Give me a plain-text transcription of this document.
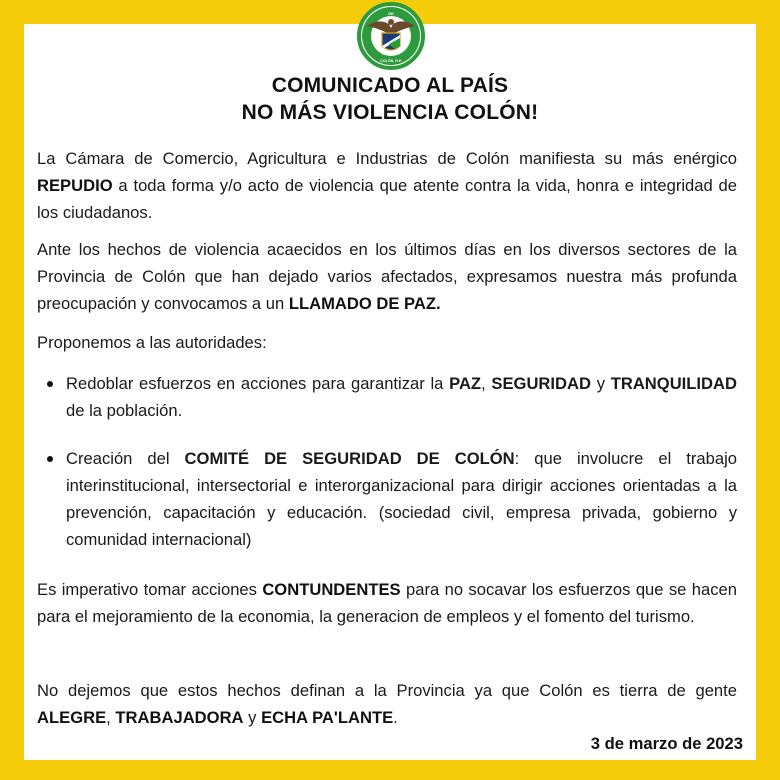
DE
COLÓN, R.P.
COMUNICADO AL PAÍS
NO MÁS VIOLENCIA COLÓN!
La Cámara de Comercio, Agricultura e Industrias de Colón manifiesta su más enérgico REPUDIO a toda forma y/o acto de violencia que atente contra la vida, honra e integridad de los ciudadanos.
Ante los hechos de violencia acaecidos en los últimos días en los diversos sectores de la Provincia de Colón que han dejado varios afectados, expresamos nuestra más profunda preocupación y convocamos a un LLAMADO DE PAZ.
Proponemos a las autoridades:
Redoblar esfuerzos en acciones para garantizar la PAZ, SEGURIDAD y TRANQUILIDAD de la población.
Creación del COMITÉ DE SEGURIDAD DE COLÓN: que involucre el trabajo interinstitucional, intersectorial e interorganizacional para dirigir acciones orientadas a la prevención, capacitación y educación. (sociedad civil, empresa privada, gobierno y comunidad internacional)
Es imperativo tomar acciones CONTUNDENTES para no socavar los esfuerzos que se hacen para el mejoramiento de la economia, la generacion de empleos y el fomento del turismo.
No dejemos que estos hechos definan a la Provincia ya que Colón es tierra de gente ALEGRE, TRABAJADORA y ECHA PA'LANTE.
3 de marzo de 2023
